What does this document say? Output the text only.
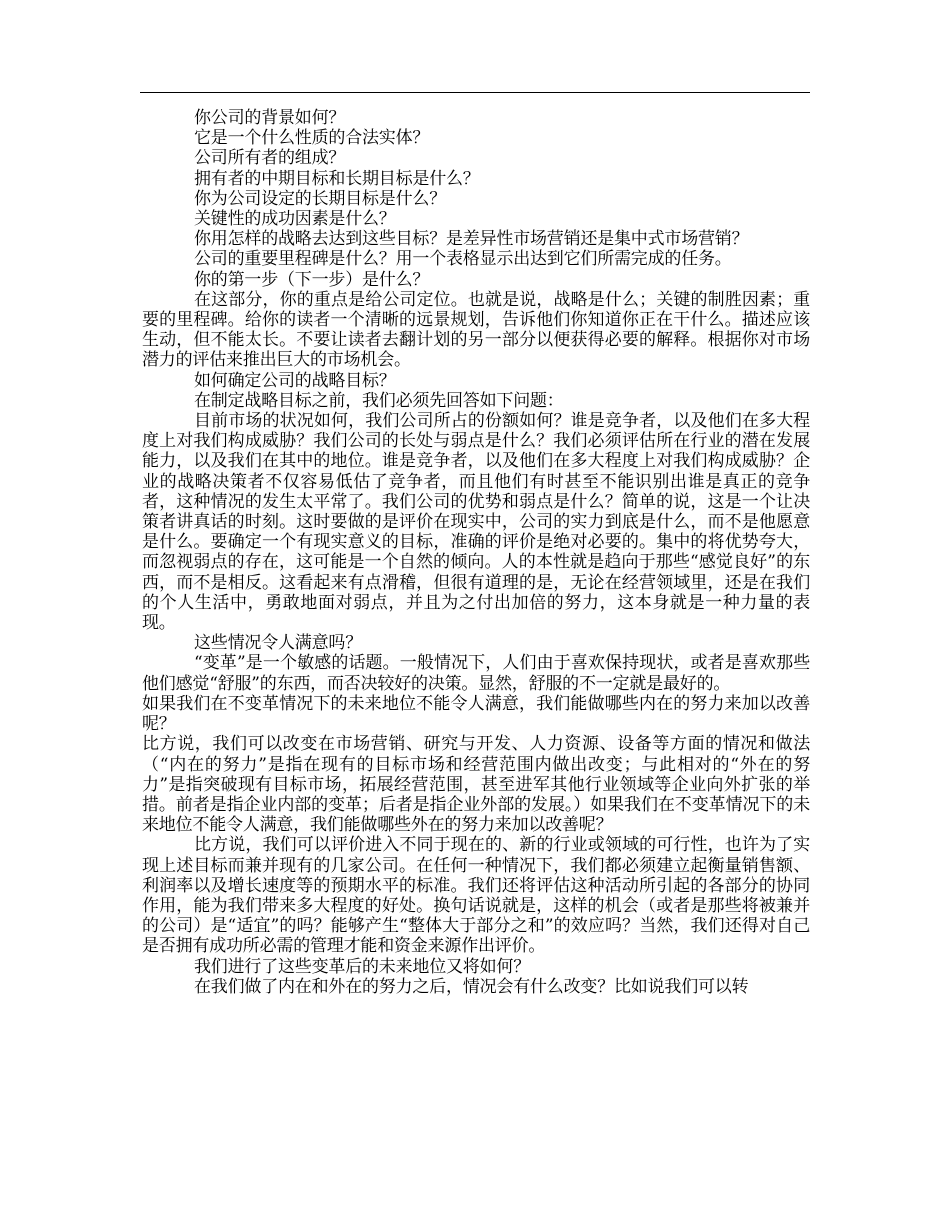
你公司的背景如何？

它是一个什么性质的合法实体？

公司所有者的组成？

拥有者的中期目标和长期目标是什么？

你为公司设定的长期目标是什么？

关键性的成功因素是什么？

你用怎样的战略去达到这些目标？是差异性市场营销还是集中式市场营销？

公司的重要里程碑是什么？用一个表格显示出达到它们所需完成的任务。

你的第一步（下一步）是什么？

在这部分，你的重点是给公司定位。也就是说，战略是什么；关键的制胜因素；重要的里程碑。给你的读者一个清晰的远景规划，告诉他们你知道你正在干什么。描述应该生动，但不能太长。不要让读者去翻计划的另一部分以便获得必要的解释。根据你对市场潜力的评估来推出巨大的市场机会。

如何确定公司的战略目标？

在制定战略目标之前，我们必须先回答如下问题：

目前市场的状况如何，我们公司所占的份额如何？谁是竞争者，以及他们在多大程度上对我们构成威胁？我们公司的长处与弱点是什么？我们必须评估所在行业的潜在发展能力，以及我们在其中的地位。谁是竞争者，以及他们在多大程度上对我们构成威胁？企业的战略决策者不仅容易低估了竞争者，而且他们有时甚至不能识别出谁是真正的竞争者，这种情况的发生太平常了。我们公司的优势和弱点是什么？简单的说，这是一个让决策者讲真话的时刻。这时要做的是评价在现实中，公司的实力到底是什么，而不是他愿意是什么。要确定一个有现实意义的目标，准确的评价是绝对必要的。集中的将优势夸大，而忽视弱点的存在，这可能是一个自然的倾向。人的本性就是趋向于那些“感觉良好”的东西，而不是相反。这看起来有点滑稽，但很有道理的是，无论在经营领域里，还是在我们的个人生活中，勇敢地面对弱点，并且为之付出加倍的努力，这本身就是一种力量的表现。

这些情况令人满意吗？

“变革”是一个敏感的话题。一般情况下，人们由于喜欢保持现状，或者是喜欢那些他们感觉“舒服”的东西，而否决较好的决策。显然，舒服的不一定就是最好的。

如果我们在不变革情况下的未来地位不能令人满意，我们能做哪些内在的努力来加以改善呢？

比方说，我们可以改变在市场营销、研究与开发、人力资源、设备等方面的情况和做法（“内在的努力”是指在现有的目标市场和经营范围内做出改变；与此相对的“外在的努力”是指突破现有目标市场，拓展经营范围，甚至进军其他行业领域等企业向外扩张的举措。前者是指企业内部的变革；后者是指企业外部的发展。）如果我们在不变革情况下的未来地位不能令人满意，我们能做哪些外在的努力来加以改善呢？

比方说，我们可以评价进入不同于现在的、新的行业或领域的可行性，也许为了实现上述目标而兼并现有的几家公司。在任何一种情况下，我们都必须建立起衡量销售额、利润率以及增长速度等的预期水平的标准。我们还将评估这种活动所引起的各部分的协同作用，能为我们带来多大程度的好处。换句话说就是，这样的机会（或者是那些将被兼并的公司）是“适宜”的吗？能够产生“整体大于部分之和”的效应吗？当然，我们还得对自己是否拥有成功所必需的管理才能和资金来源作出评价。

我们进行了这些变革后的未来地位又将如何？

在我们做了内在和外在的努力之后，情况会有什么改变？比如说我们可以转
